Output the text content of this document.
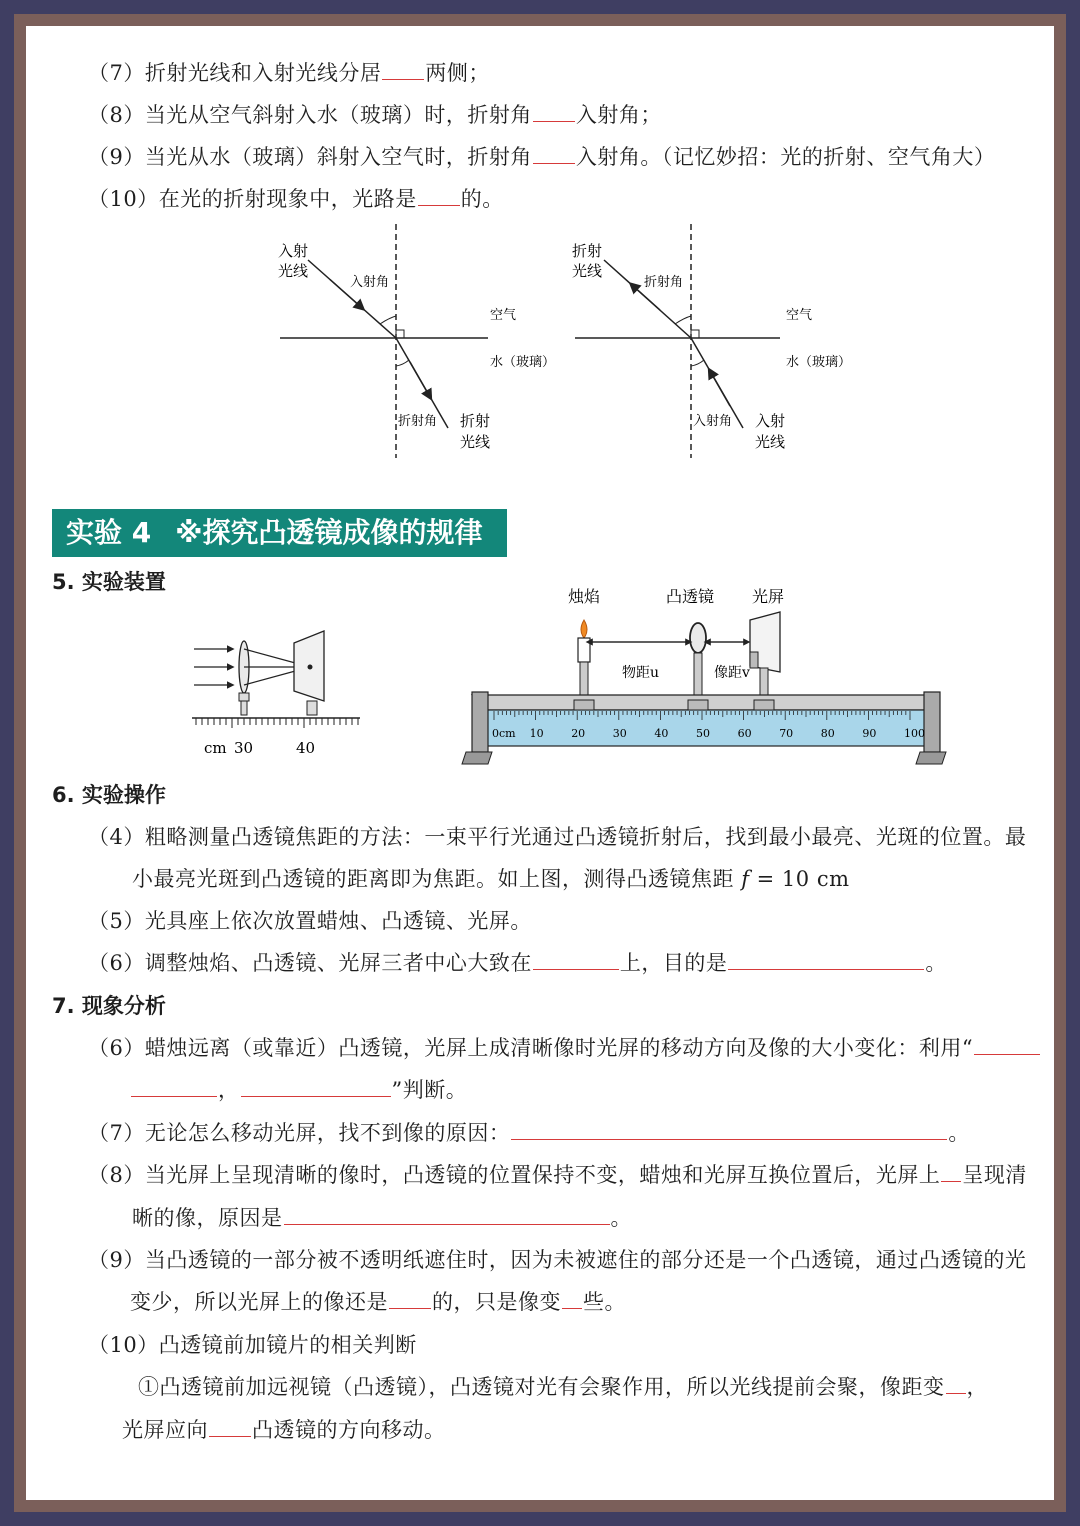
（7）折射光线和入射光线分居 两侧；
（8）当光从空气斜射入水（玻璃）时，折射角 入射角；
（9）当光从水（玻璃）斜射入空气时，折射角 入射角。（记忆妙招：光的折射、空气角大）
（10）在光的折射现象中，光路是 的。
入射
光线
入射角
空气
水（玻璃）
折射角 折射
光线
折射
光线
折射角
空气
水（玻璃）
入射角 入射
光线
实验 4 ※探究凸透镜成像的规律
5. 实验装置
cm 30	40
烛焰	凸透镜 光屏
物距u	像距v
0cm 10	20	30	40	50	60	70	80	90	100
6. 实验操作
（4）粗略测量凸透镜焦距的方法：一束平行光通过凸透镜折射后，找到最小最亮、光斑的位置。最
小最亮光斑到凸透镜的距离即为焦距。如上图，测得凸透镜焦距 f = 10 cm
（5）光具座上依次放置蜡烛、凸透镜、光屏。
（6）调整烛焰、凸透镜、光屏三者中心大致在	上，目的是	。
7. 现象分析
（6）蜡烛远离（或靠近）凸透镜，光屏上成清晰像时光屏的移动方向及像的大小变化：利用“
，	”判断。
（7）无论怎么移动光屏，找不到像的原因：	。
（8）当光屏上呈现清晰的像时，凸透镜的位置保持不变，蜡烛和光屏互换位置后，光屏上 呈现清
晰的像，原因是	。
（9）当凸透镜的一部分被不透明纸遮住时，因为未被遮住的部分还是一个凸透镜，通过凸透镜的光
变少，所以光屏上的像还是 的，只是像变 些。
（10）凸透镜前加镜片的相关判断
①凸透镜前加远视镜（凸透镜），凸透镜对光有会聚作用，所以光线提前会聚，像距变 ，
光屏应向 凸透镜的方向移动。
